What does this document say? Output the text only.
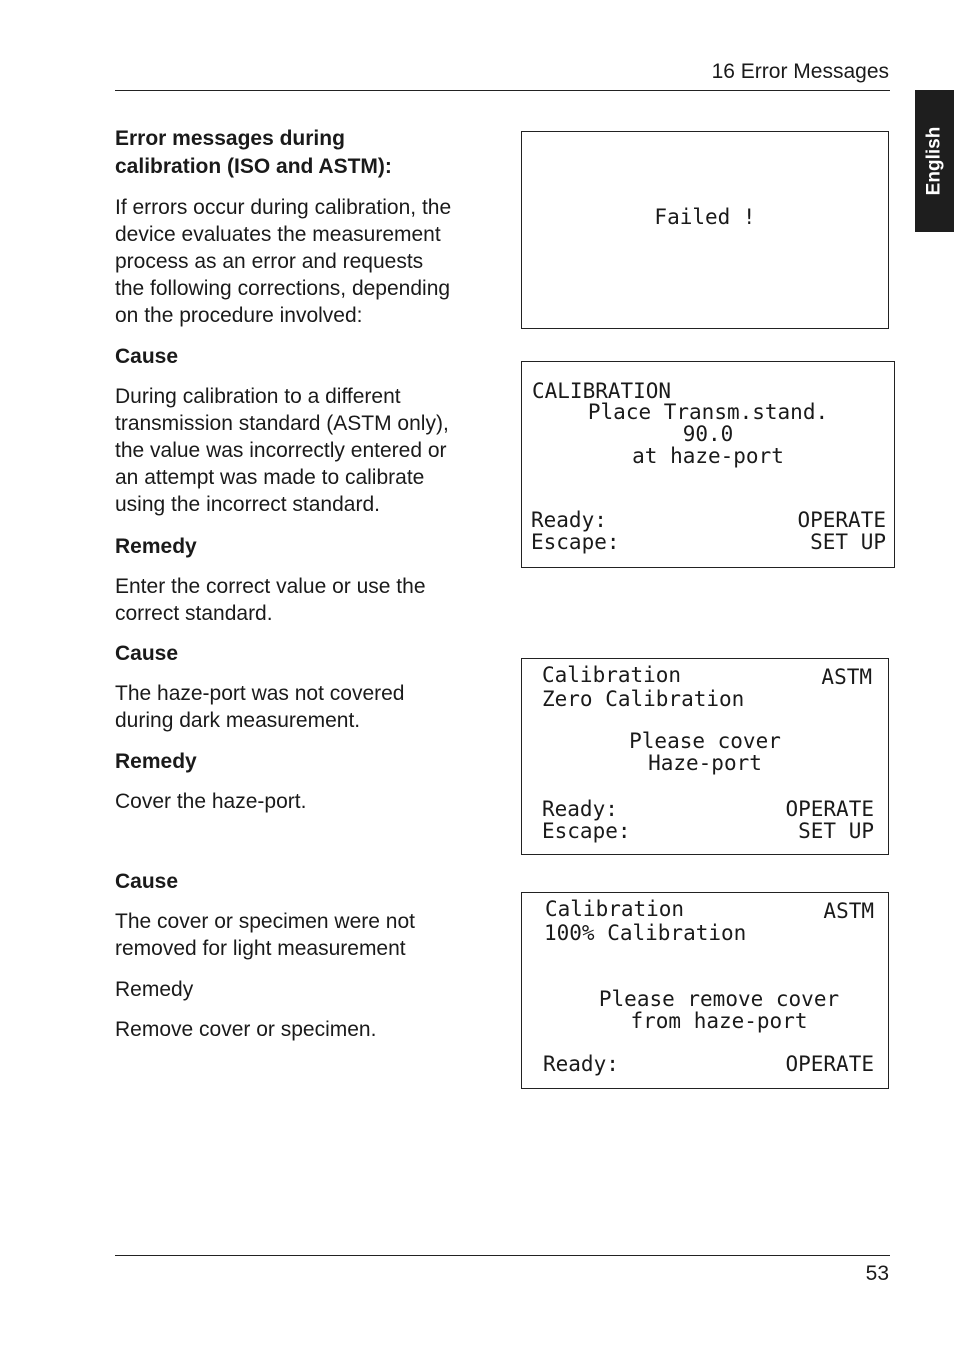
16 Error Messages
English
Error messages during
calibration (ISO and ASTM):
If errors occur during calibration, the
device evaluates the measurement
process as an error and requests
the following corrections, depending
on the procedure involved:
Cause
During calibration to a different
transmission standard (ASTM only),
the value was incorrectly entered or
an attempt was made to calibrate
using the incorrect standard.
Remedy
Enter the correct value or use the
correct standard.
Cause
The haze-port was not covered
during dark measurement.
Remedy
Cover the haze-port.
Cause
The cover or specimen were not
removed for light measurement
Remedy
Remove cover or specimen.
Failed !
CALIBRATION
Place Transm.stand.
90.0
at haze-port
Ready:	OPERATE
Escape:	SET UP
Calibration	ASTM
Zero Calibration
Please cover
Haze-port
Ready:	OPERATE
Escape:	SET UP
Calibration	ASTM
100% Calibration
Please remove cover
from haze-port
Ready:	OPERATE
53
